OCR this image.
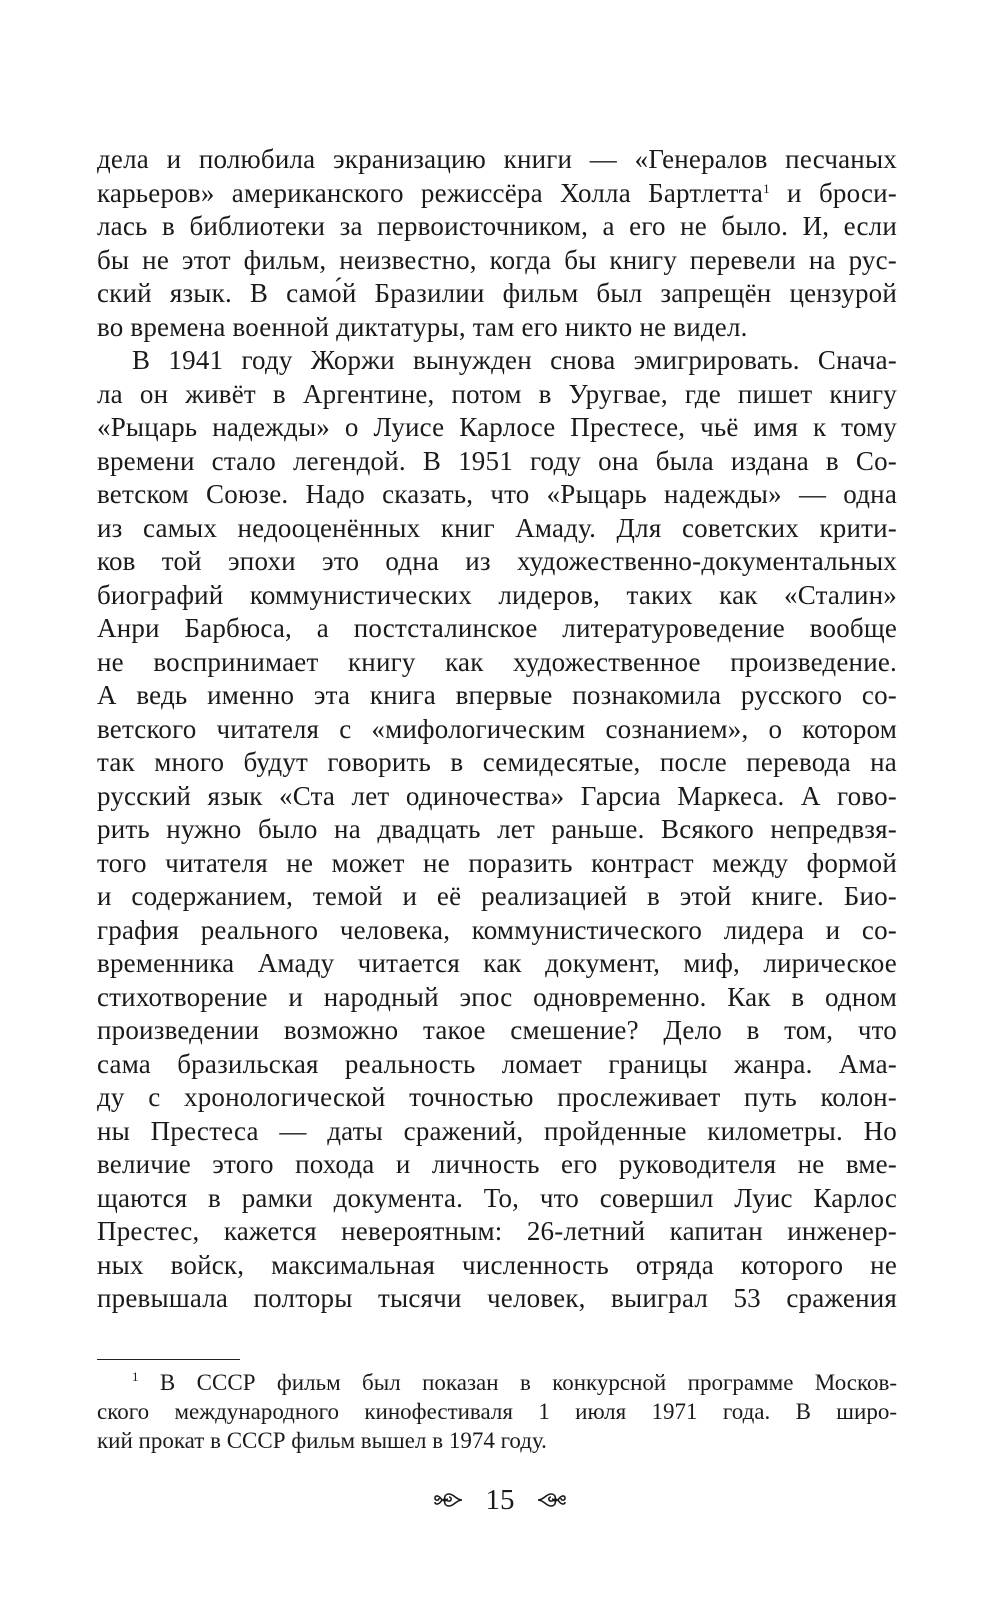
дела и полюбила экранизацию книги — «Генералов песчаных
карьеров» американского режиссёра Холла Бартлетта$^1$ и броси-
лась в библиотеки за первоисточником, а его не было. И, если
бы не этот фильм, неизвестно, когда бы книгу перевели на рус-
ский язык. В само́й Бразилии фильм был запрещён цензурой
во времена военной диктатуры, там его никто не видел.
В 1941 году Жоржи вынужден снова эмигрировать. Снача-
ла он живёт в Аргентине, потом в Уругвае, где пишет книгу
«Рыцарь надежды» о Луисе Карлосе Престесе, чьё имя к тому
времени стало легендой. В 1951 году она была издана в Со-
ветском Союзе. Надо сказать, что «Рыцарь надежды» — одна
из самых недооценённых книг Амаду. Для советских крити-
ков той эпохи это одна из художественно-документальных
биографий коммунистических лидеров, таких как «Сталин»
Анри Барбюса, а постсталинское литературоведение вообще
не воспринимает книгу как художественное произведение.
А ведь именно эта книга впервые познакомила русского со-
ветского читателя с «мифологическим сознанием», о котором
так много будут говорить в семидесятые, после перевода на
русский язык «Ста лет одиночества» Гарсиа Маркеса. А гово-
рить нужно было на двадцать лет раньше. Всякого непредвзя-
того читателя не может не поразить контраст между формой
и содержанием, темой и её реализацией в этой книге. Био-
графия реального человека, коммунистического лидера и со-
временника Амаду читается как документ, миф, лирическое
стихотворение и народный эпос одновременно. Как в одном
произведении возможно такое смешение? Дело в том, что
сама бразильская реальность ломает границы жанра. Ама-
ду с хронологической точностью прослеживает путь колон-
ны Престеса — даты сражений, пройденные километры. Но
величие этого похода и личность его руководителя не вме-
щаются в рамки документа. То, что совершил Луис Карлос
Престес, кажется невероятным: 26-летний капитан инженер-
ных войск, максимальная численность отряда которого не
превышала полторы тысячи человек, выиграл 53 сражения
$^1$ В СССР фильм был показан в конкурсной программе Москов-
ского международного кинофестиваля 1 июля 1971 года. В широ-
кий прокат в СССР фильм вышел в 1974 году.
15
